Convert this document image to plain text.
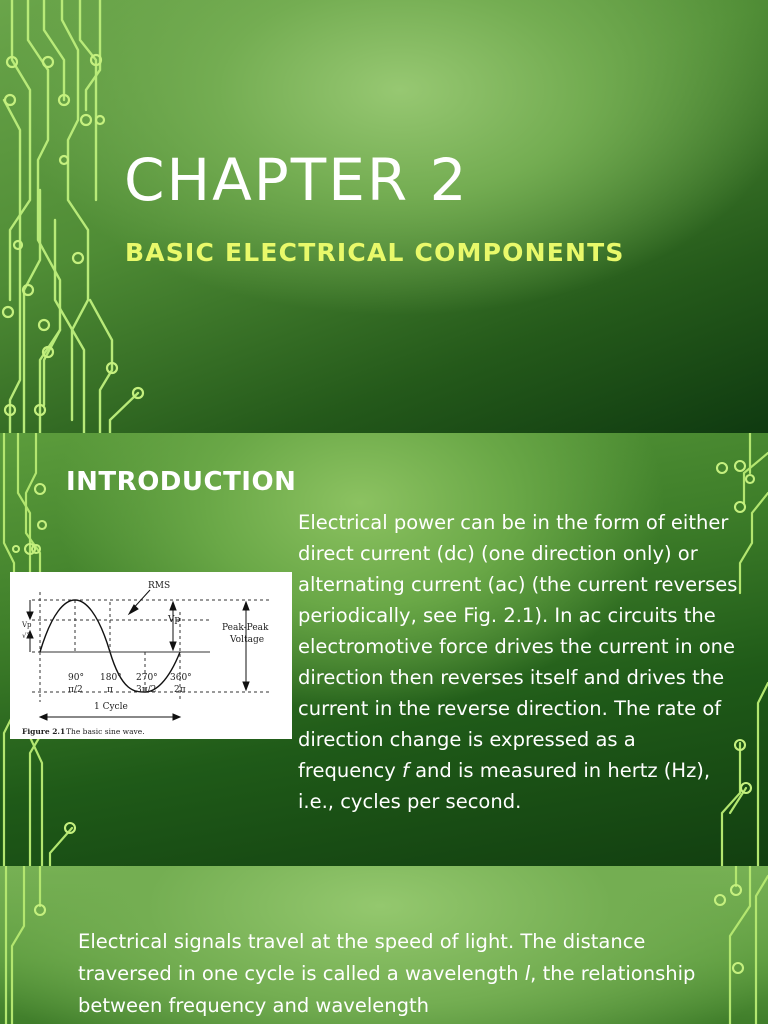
CHAPTER 2
BASIC ELECTRICAL COMPONENTS
INTRODUCTION
RMS
Vp
Vp
√2
Peak-Peak
Voltage
90° 180° 270° 360°
π/2	π	3π/2 2π
1 Cycle
Figure 2.1 The basic sine wave.

Electrical power can be in the form of either direct current (dc) (one direction only) or alternating current (ac) (the current reverses periodically, see Fig. 2.1). In ac circuits the electromotive force drives the current in one direction then reverses itself and drives the current in the reverse direction. The rate of direction change is expressed as a frequency f and is measured in hertz (Hz), i.e., cycles per second.

Electrical signals travel at the speed of light. The distance traversed in one cycle is called a wavelength l, the relationship between frequency and wavelength
